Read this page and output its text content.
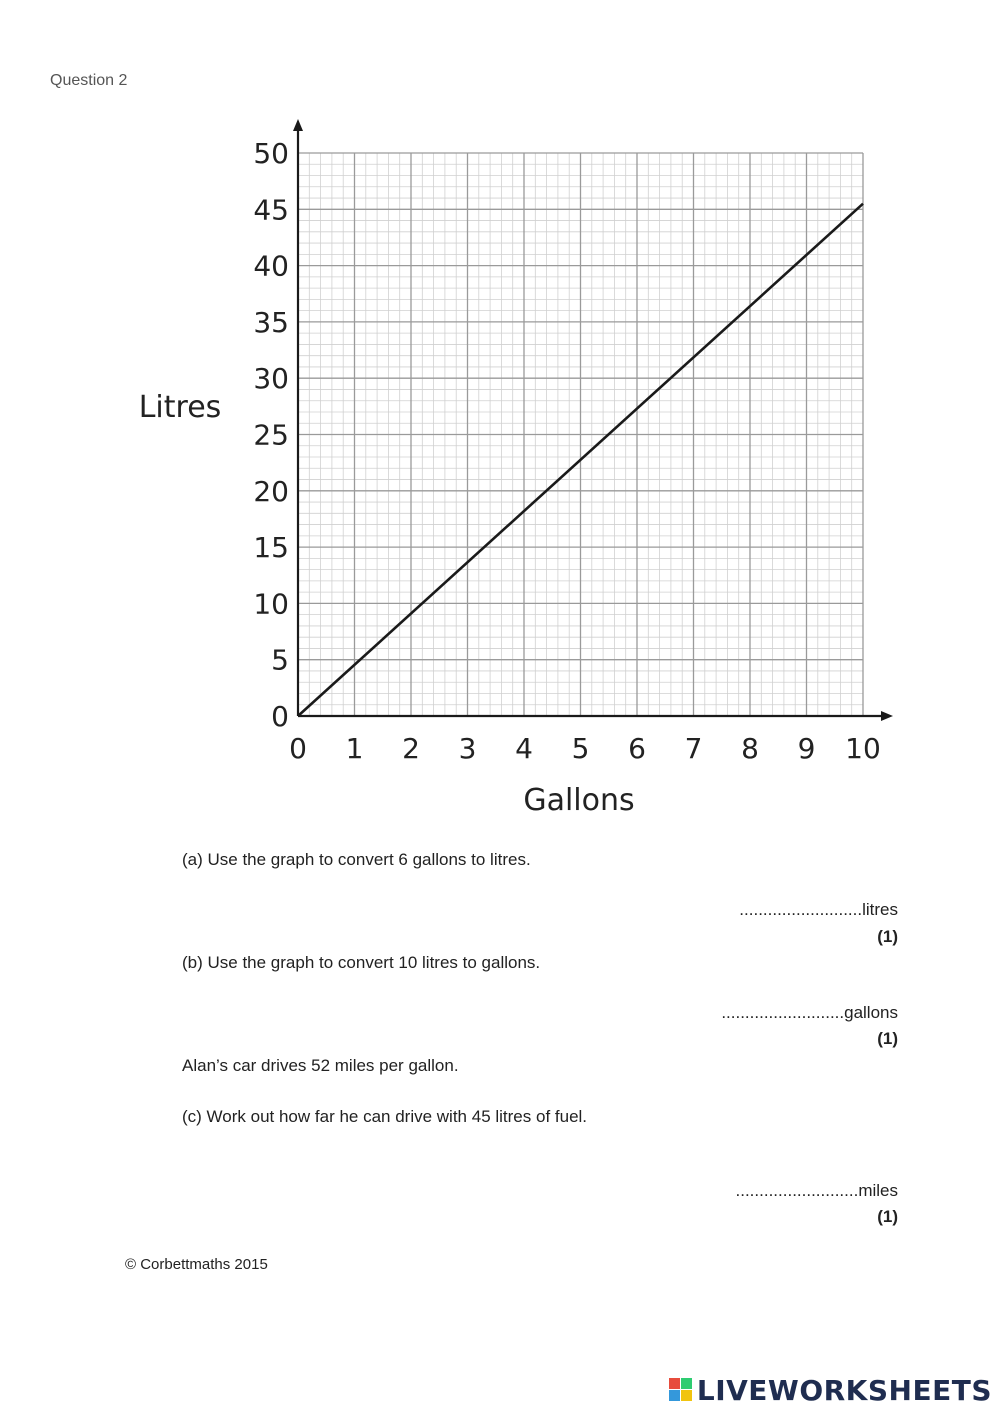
Question 2
0 1 2 3 4 5 6 7 8 9 10
0
5
10
15
20
25
30
35
40
45
50
Gallons
Litres
(a) Use the graph to convert 6 gallons to litres.
..........................litres
(1)
(b) Use the graph to convert 10 litres to gallons.
..........................gallons
(1)
Alan’s car drives 52 miles per gallon.
(c) Work out how far he can drive with 45 litres of fuel.
..........................miles
(1)
© Corbettmaths 2015
LIVEWORKSHEETS
